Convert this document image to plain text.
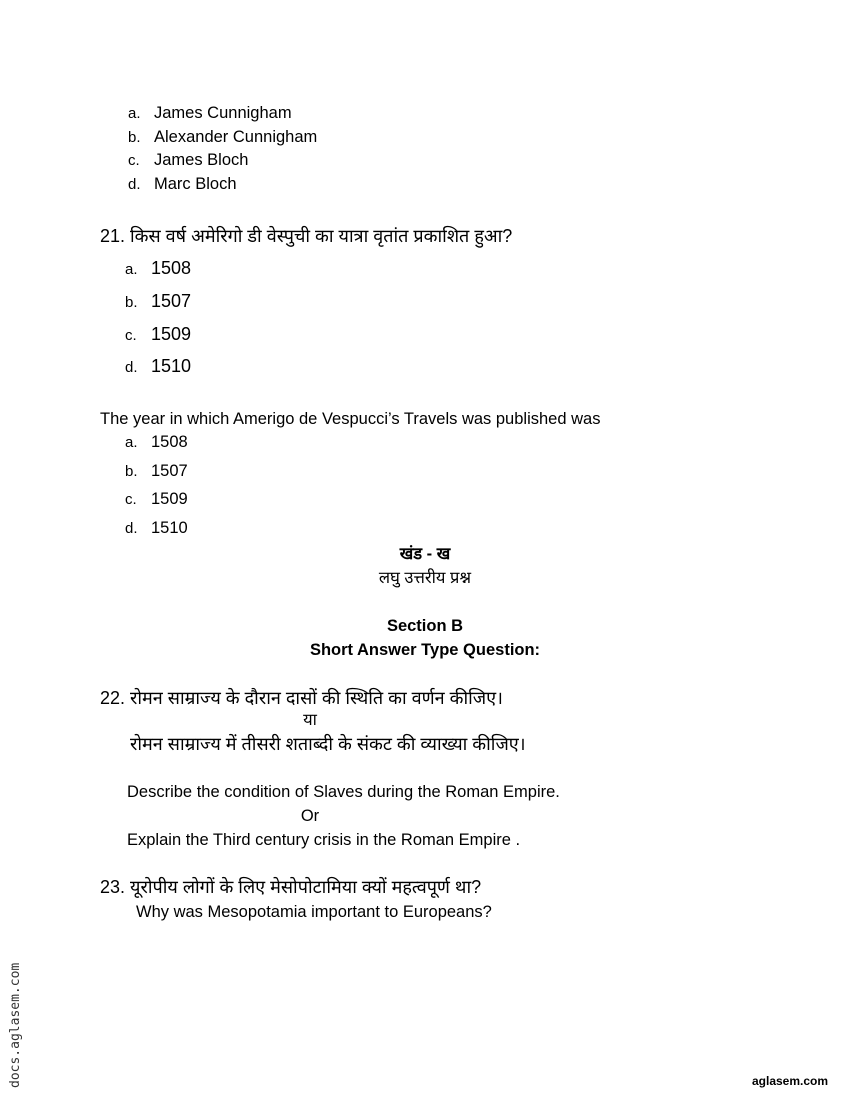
a. James Cunnigham
b. Alexander Cunnigham
c. James Bloch
d. Marc Bloch
21. किस वर्ष अमेरिगो डी वेस्पुची का यात्रा वृतांत प्रकाशित हुआ?
a. 1508
b. 1507
c. 1509
d. 1510
The year in which Amerigo de Vespucci’s Travels was published was
a. 1508
b. 1507
c. 1509
d. 1510
खंड - ख
लघु उत्तरीय प्रश्न
Section B
Short Answer Type Question:
22. रोमन साम्राज्य के दौरान दासों की स्थिति का वर्णन कीजिए।
या
रोमन साम्राज्य में तीसरी शताब्दी के संकट की व्याख्या कीजिए।
Describe the condition of Slaves during the Roman Empire.
Or
Explain the Third century crisis in the Roman Empire .
23. यूरोपीय लोगों के लिए मेसोपोटामिया क्यों महत्वपूर्ण था?
Why was Mesopotamia important to Europeans?
docs.aglasem.com	aglasem.com
